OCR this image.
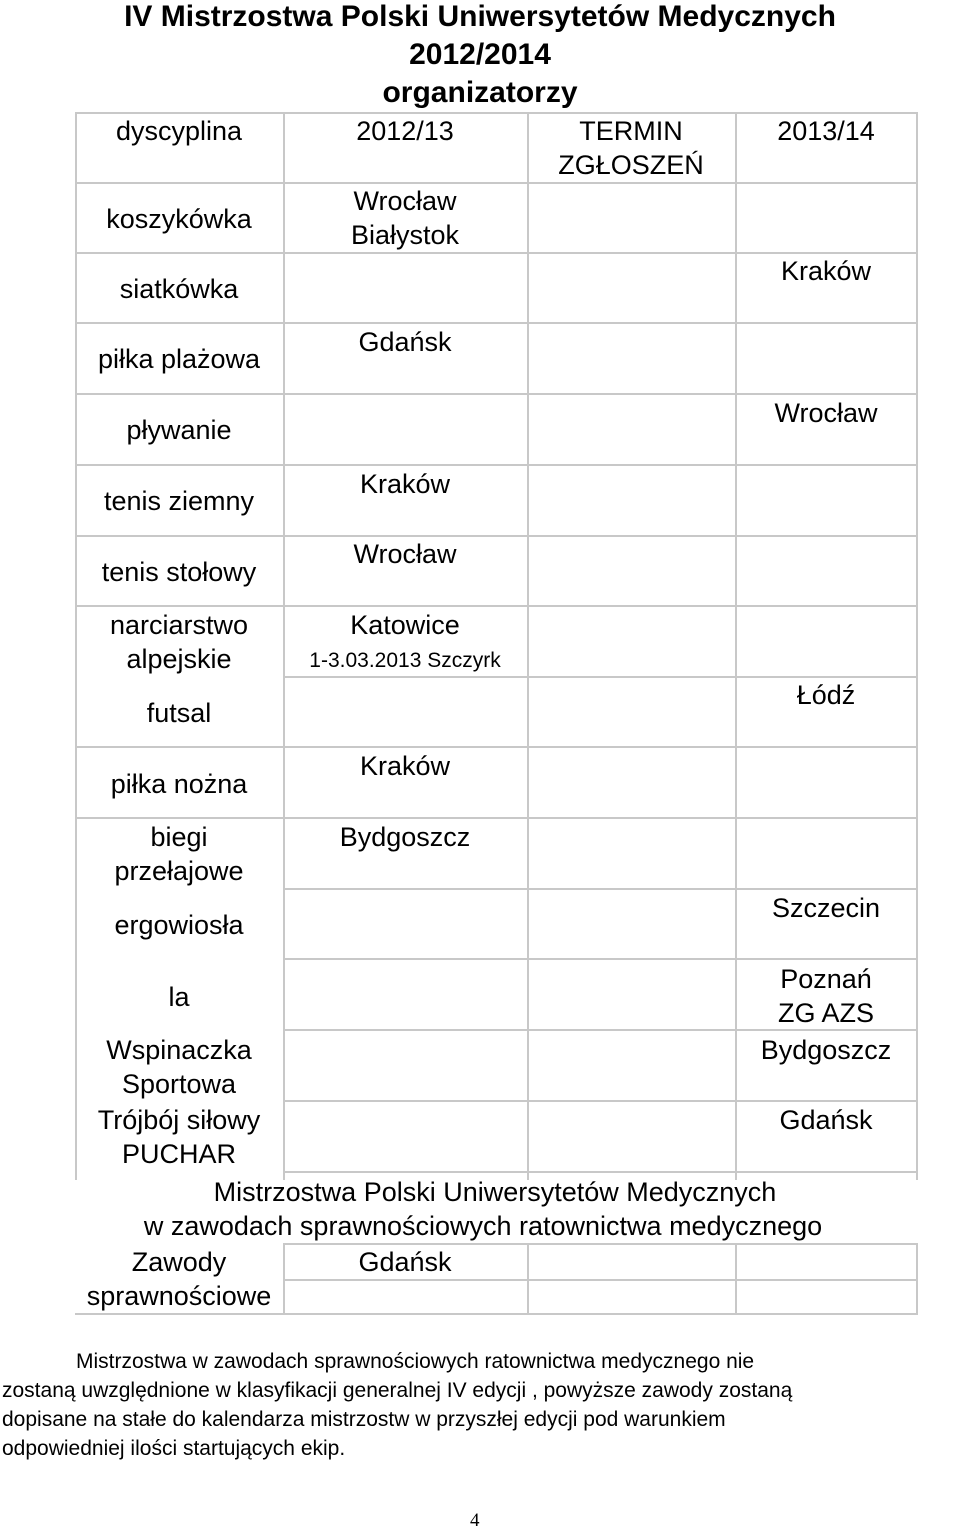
IV Mistrzostwa Polski Uniwersytetów Medycznych
2012/2014
organizatorzy
dyscyplina	2012/13	TERMIN
ZGŁOSZEŃ
2013/14
koszykówka
Wrocław
Białystok
siatkówka
Kraków
piłka plażowa
Gdańsk
pływanie
Wrocław
tenis ziemny
Kraków
tenis stołowy
Wrocław
narciarstwo
alpejskie
Katowice
1-3.03.2013 Szczyrk
futsal
Łódź
piłka nożna
Kraków
biegi
przełajowe
Bydgoszcz
ergowiosła
Szczecin
la
Poznań
ZG AZS
Wspinaczka
Sportowa
Bydgoszcz
Trójbój siłowy
PUCHAR
Gdańsk
Mistrzostwa Polski Uniwersytetów Medycznych
w zawodach sprawnościowych ratownictwa medycznego
Zawody
sprawnościowe
Gdańsk
Mistrzostwa w zawodach sprawnościowych ratownictwa medycznego nie
zostaną uwzględnione w klasyfikacji generalnej IV edycji , powyższe zawody zostaną
dopisane na stałe do kalendarza mistrzostw w przyszłej edycji pod warunkiem
odpowiedniej ilości startujących ekip.
4
